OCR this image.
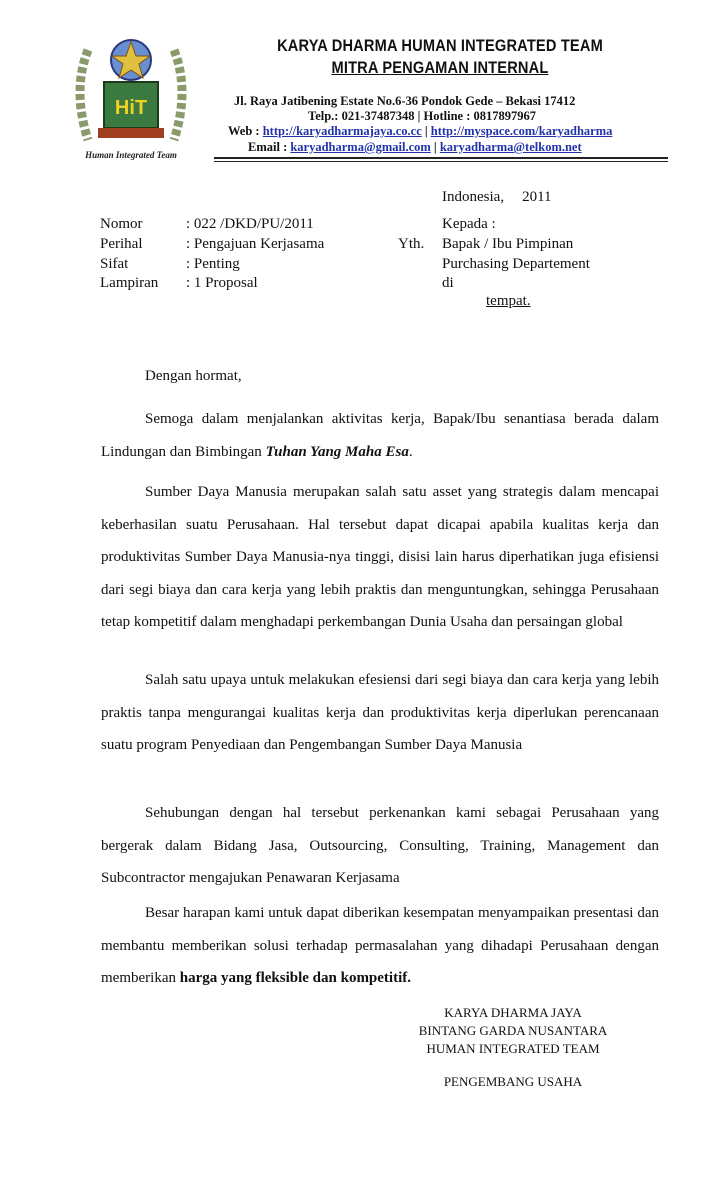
HiT
Human Integrated Team
KARYA DHARMA HUMAN INTEGRATED TEAM
MITRA PENGAMAN INTERNAL
Jl. Raya Jatibening Estate No.6-36 Pondok Gede – Bekasi 17412
Telp.: 021-37487348 | Hotline : 0817897967
Web : http://karyadharmajaya.co.cc | http://myspace.com/karyadharma
Email : karyadharma@gmail.com | karyadharma@telkom.net
Indonesia, 2011
Nomor	: 022 /DKD/PU/2011
Perihal	: Pengajuan Kerjasama
Sifat	: Penting
Lampiran : 1 Proposal
Kepada :
Yth. Bapak / Ibu Pimpinan
Purchasing Departement
di
tempat.
Dengan hormat,
Semoga dalam menjalankan aktivitas kerja, Bapak/Ibu senantiasa berada dalam Lindungan dan Bimbingan Tuhan Yang Maha Esa.
Sumber Daya Manusia merupakan salah satu asset yang strategis dalam mencapai keberhasilan suatu Perusahaan. Hal tersebut dapat dicapai apabila kualitas kerja dan produktivitas Sumber Daya Manusia-nya tinggi, disisi lain harus diperhatikan juga efisiensi dari segi biaya dan cara kerja yang lebih praktis dan menguntungkan, sehingga Perusahaan tetap kompetitif dalam menghadapi perkembangan Dunia Usaha dan persaingan global
Salah satu upaya untuk melakukan efesiensi dari segi biaya dan cara kerja yang lebih praktis tanpa mengurangai kualitas kerja dan produktivitas kerja diperlukan perencanaan suatu program Penyediaan dan Pengembangan Sumber Daya Manusia
Sehubungan dengan hal tersebut perkenankan kami sebagai Perusahaan yang bergerak dalam Bidang Jasa, Outsourcing, Consulting, Training, Management dan Subcontractor mengajukan Penawaran Kerjasama
Besar harapan kami untuk dapat diberikan kesempatan menyampaikan presentasi dan membantu memberikan solusi terhadap permasalahan yang dihadapi Perusahaan dengan memberikan harga yang fleksible dan kompetitif.
KARYA DHARMA JAYA
BINTANG GARDA NUSANTARA
HUMAN INTEGRATED TEAM
PENGEMBANG USAHA
